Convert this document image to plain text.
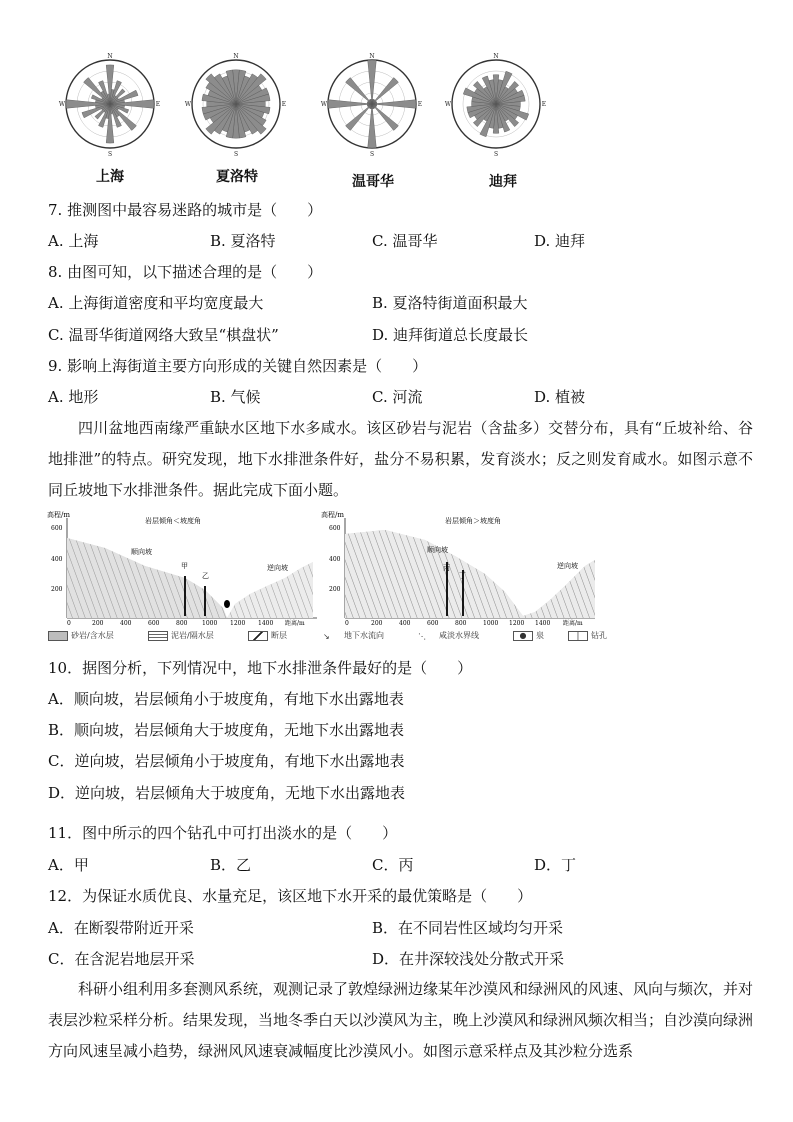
N
S
E
W
N
S
E
W
N
S
E
W
N
S
E
W
上海	夏洛特	温哥华	迪拜
7. 推测图中最容易迷路的城市是（　　）
A. 上海	B. 夏洛特	C. 温哥华	D. 迪拜
8. 由图可知，以下描述合理的是（　　）
A. 上海街道密度和平均宽度最大	B. 夏洛特街道面积最大
C. 温哥华街道网络大致呈“棋盘状”	D. 迪拜街道总长度最长
9. 影响上海街道主要方向形成的关键自然因素是（　　）
A. 地形	B. 气候	C. 河流	D. 植被
四川盆地西南缘严重缺水区地下水多咸水。该区砂岩与泥岩（含盐多）交替分布，具有“丘坡补给、谷地排泄”的特点。研究发现，地下水排泄条件好，盐分不易积累，发育淡水；反之则发育咸水。如图示意不同丘坡地下水排泄条件。据此完成下面小题。
高程/m
岩层倾角＜坡度角
顺向坡
逆向坡
甲
乙
600
400
200
0	200	400	600	800 1000 1200 1400 距离/m
高程/m
岩层倾角＞坡度角
顺向坡
逆向坡
丙
丁
600
400
200
0	200	400	600	800	1000 1200 1400 距离/m
砂岩/含水层	泥岩/隔水层	断层	↘ 地下水流向	⋱ 咸淡水界线	● 泉	| 钻孔
10．据图分析，下列情况中，地下水排泄条件最好的是（　　）
A．顺向坡，岩层倾角小于坡度角，有地下水出露地表
B．顺向坡，岩层倾角大于坡度角，无地下水出露地表
C．逆向坡，岩层倾角小于坡度角，有地下水出露地表
D．逆向坡，岩层倾角大于坡度角，无地下水出露地表
11．图中所示的四个钻孔中可打出淡水的是（　　）
A．甲	B．乙	C．丙	D．丁
12．为保证水质优良、水量充足，该区地下水开采的最优策略是（　　）
A．在断裂带附近开采	B．在不同岩性区域均匀开采
C．在含泥岩地层开采	D．在井深较浅处分散式开采
科研小组利用多套测风系统，观测记录了敦煌绿洲边缘某年沙漠风和绿洲风的风速、风向与频次，并对表层沙粒采样分析。结果发现，当地冬季白天以沙漠风为主，晚上沙漠风和绿洲风频次相当；自沙漠向绿洲方向风速呈减小趋势，绿洲风风速衰减幅度比沙漠风小。如图示意采样点及其沙粒分选系
